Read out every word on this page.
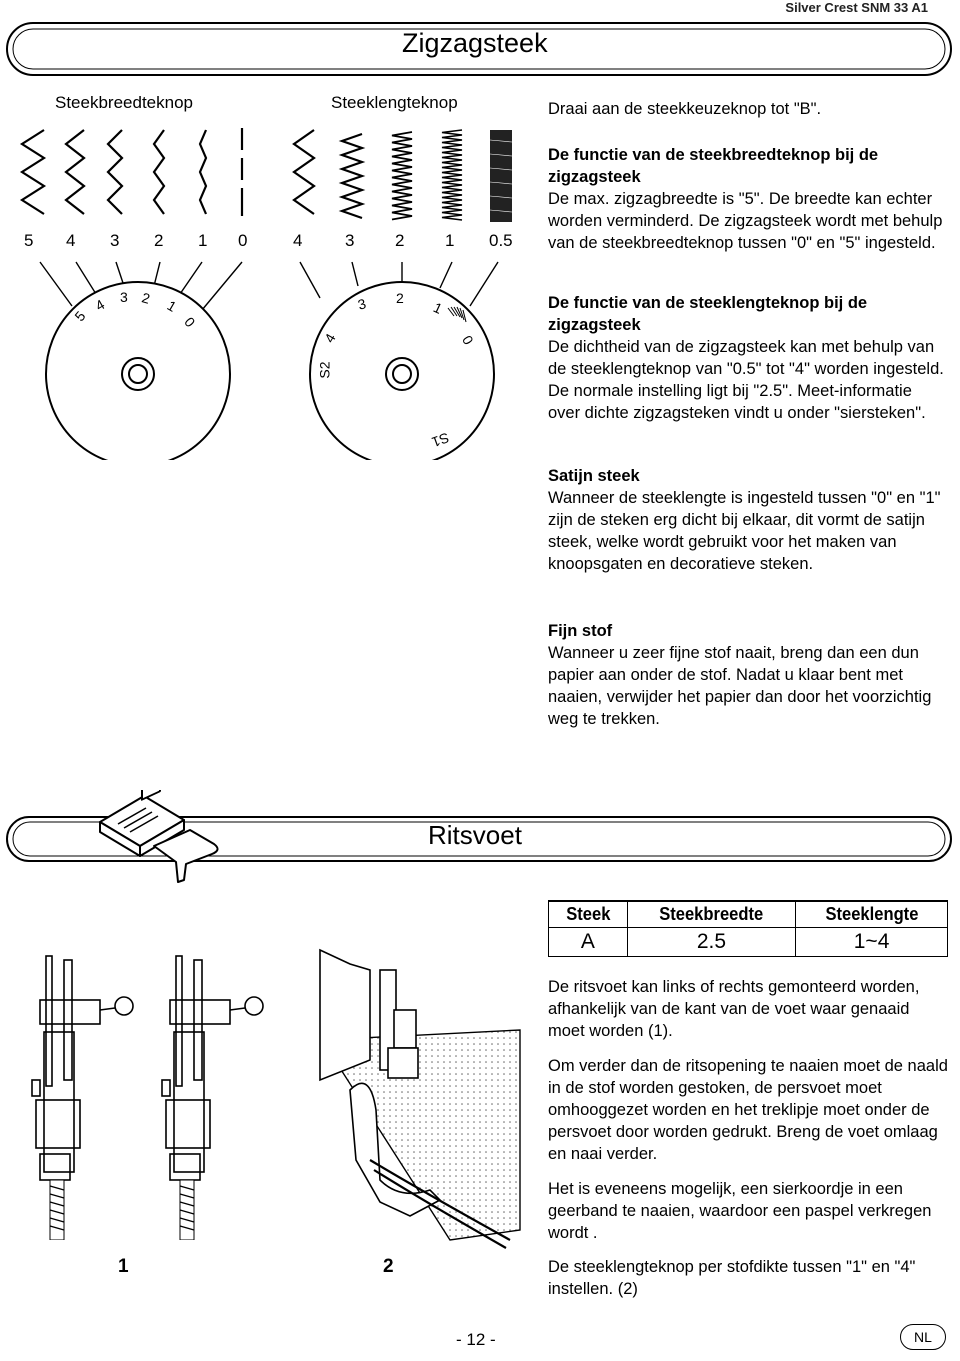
Silver Crest SNM 33 A1
Zigzagsteek
Steekbreedteknop	Steeklengteknop
5 4 3 2 1 0	4	3 2 1 0.5
5
4 3 2 1
0
4
3 2
1
0
S2
S1
Draai aan de steekkeuzeknop tot "B".
De functie van de steekbreedteknop bij de zigzagsteek
De max. zigzagbreedte is "5". De breedte kan echter worden verminderd. De zigzagsteek wordt met behulp van de steekbreedteknop tussen "0" en "5" ingesteld.
De functie van de steeklengteknop bij de zigzagsteek
De dichtheid van de zigzagsteek kan met behulp van de steeklengteknop van "0.5" tot "4" worden ingesteld. De normale instelling ligt bij "2.5". Meet-informatie over dichte zigzagsteken vindt u onder "siersteken".
Satijn steek
Wanneer de steeklengte is ingesteld tussen "0" en "1" zijn de steken erg dicht bij elkaar, dit vormt de satijn steek, welke wordt gebruikt voor het maken van knoopsgaten en decoratieve steken.
Fijn stof
Wanneer u zeer fijne stof naait, breng dan een dun papier aan onder de stof. Nadat u klaar bent met naaien, verwijder het papier dan door het voorzichtig weg te trekken.
Ritsvoet
Steek	Steekbreedte	Steeklengte
A	2.5	1~4
De ritsvoet kan links of rechts gemonteerd worden, afhankelijk van de kant van de voet waar genaaid moet worden (1).
Om verder dan de ritsopening te naaien moet de naald in de stof worden gestoken, de persvoet moet omhooggezet worden en het treklipje moet onder de persvoet door worden gedrukt. Breng de voet omlaag en naai verder.
Het is eveneens mogelijk, een sierkoordje in een geerband te naaien, waardoor een paspel verkregen wordt .
De steeklengteknop per stofdikte tussen "1" en "4" instellen. (2)
1	2
- 12 -	NL
